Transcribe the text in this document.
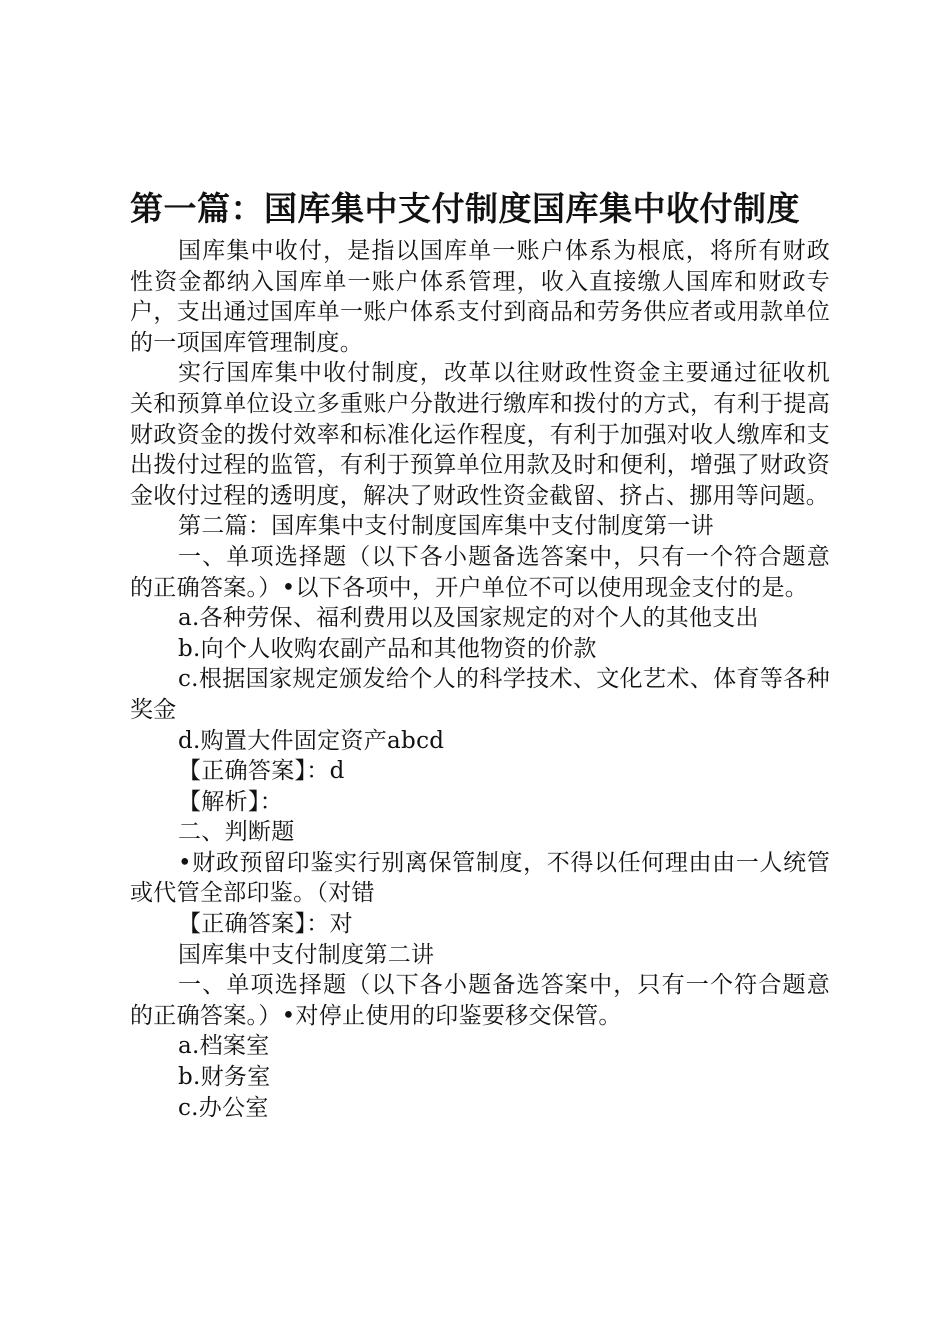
第一篇：国库集中支付制度国库集中收付制度

国库集中收付，是指以国库单一账户体系为根底，将所有财政性资金都纳入国库单一账户体系管理，收入直接缴人国库和财政专户，支出通过国库单一账户体系支付到商品和劳务供应者或用款单位的一项国库管理制度。

实行国库集中收付制度，改革以往财政性资金主要通过征收机关和预算单位设立多重账户分散进行缴库和拨付的方式，有利于提高财政资金的拨付效率和标准化运作程度，有利于加强对收人缴库和支出拨付过程的监管，有利于预算单位用款及时和便利，增强了财政资金收付过程的透明度，解决了财政性资金截留、挤占、挪用等问题。

第二篇：国库集中支付制度国库集中支付制度第一讲

一、单项选择题（以下各小题备选答案中，只有一个符合题意的正确答案。）•以下各项中，开户单位不可以使用现金支付的是。

a.各种劳保、福利费用以及国家规定的对个人的其他支出

b.向个人收购农副产品和其他物资的价款

c.根据国家规定颁发给个人的科学技术、文化艺术、体育等各种奖金

d.购置大件固定资产abcd

【正确答案】：d

【解析】：

二、判断题

•财政预留印鉴实行别离保管制度，不得以任何理由由一人统管或代管全部印鉴。（对错

【正确答案】：对

国库集中支付制度第二讲

一、单项选择题（以下各小题备选答案中，只有一个符合题意的正确答案。）•对停止使用的印鉴要移交保管。

a.档案室

b.财务室

c.办公室
